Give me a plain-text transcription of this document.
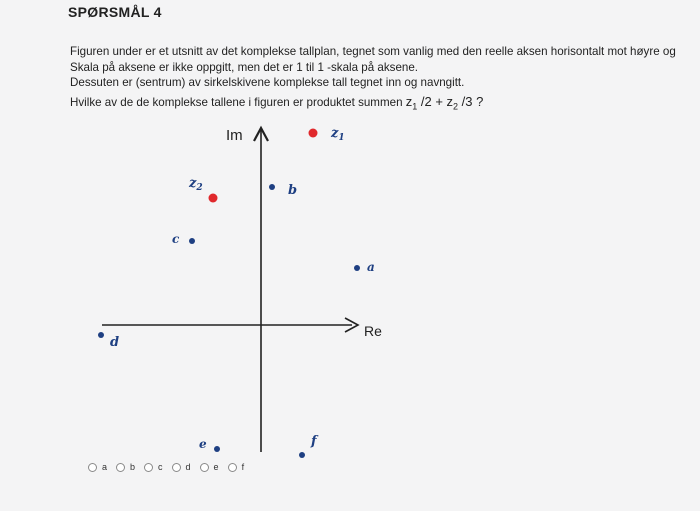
SPØRSMÅL 4
Figuren under er et utsnitt av det komplekse tallplan, tegnet som vanlig med den reelle aksen horisontalt mot høyre og
Skala på aksene er ikke oppgitt, men det er 1 til 1 -skala på aksene.
Dessuten er (sentrum) av sirkelskivene komplekse tall tegnet inn og navngitt.
Hvilke av de de komplekse tallene i figuren er produktet summen $z_1$ $/2 + z_2$ /3 ?
Im
Re
$z_1$
$z_2$	b
c
a
d
e	f
a	b	c	d	e	f
